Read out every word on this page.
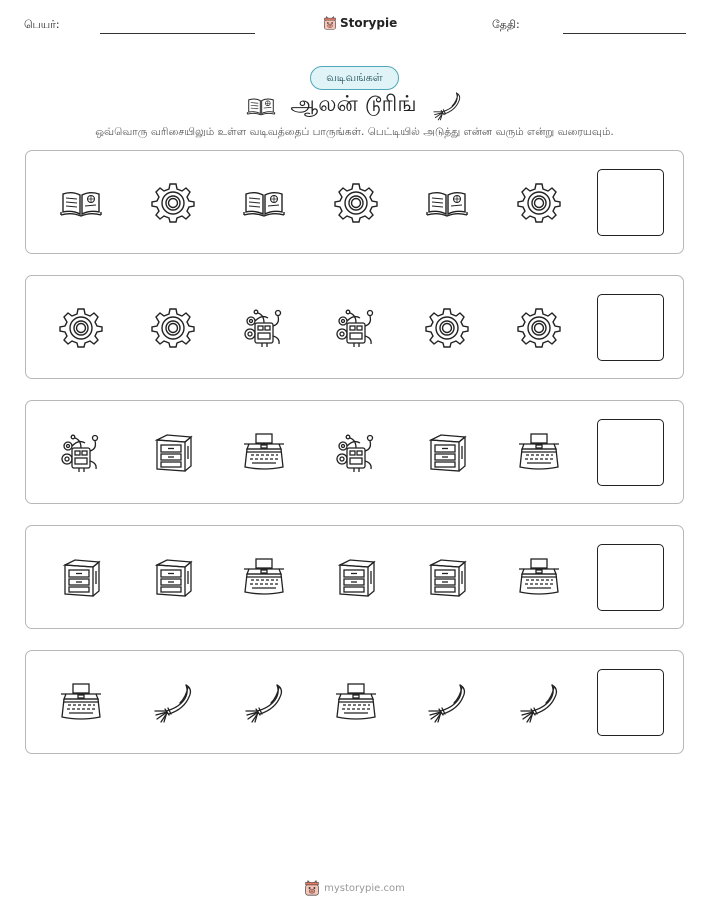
பெயர்:	Storypie	தேதி:
வடிவங்கள்
ஆலன் டூரிங்
ஒவ்வொரு வரிசையிலும் உள்ள வடிவத்தைப் பாருங்கள். பெட்டியில் அடுத்து என்ன வரும் என்று வரையவும்.
mystorypie.com
